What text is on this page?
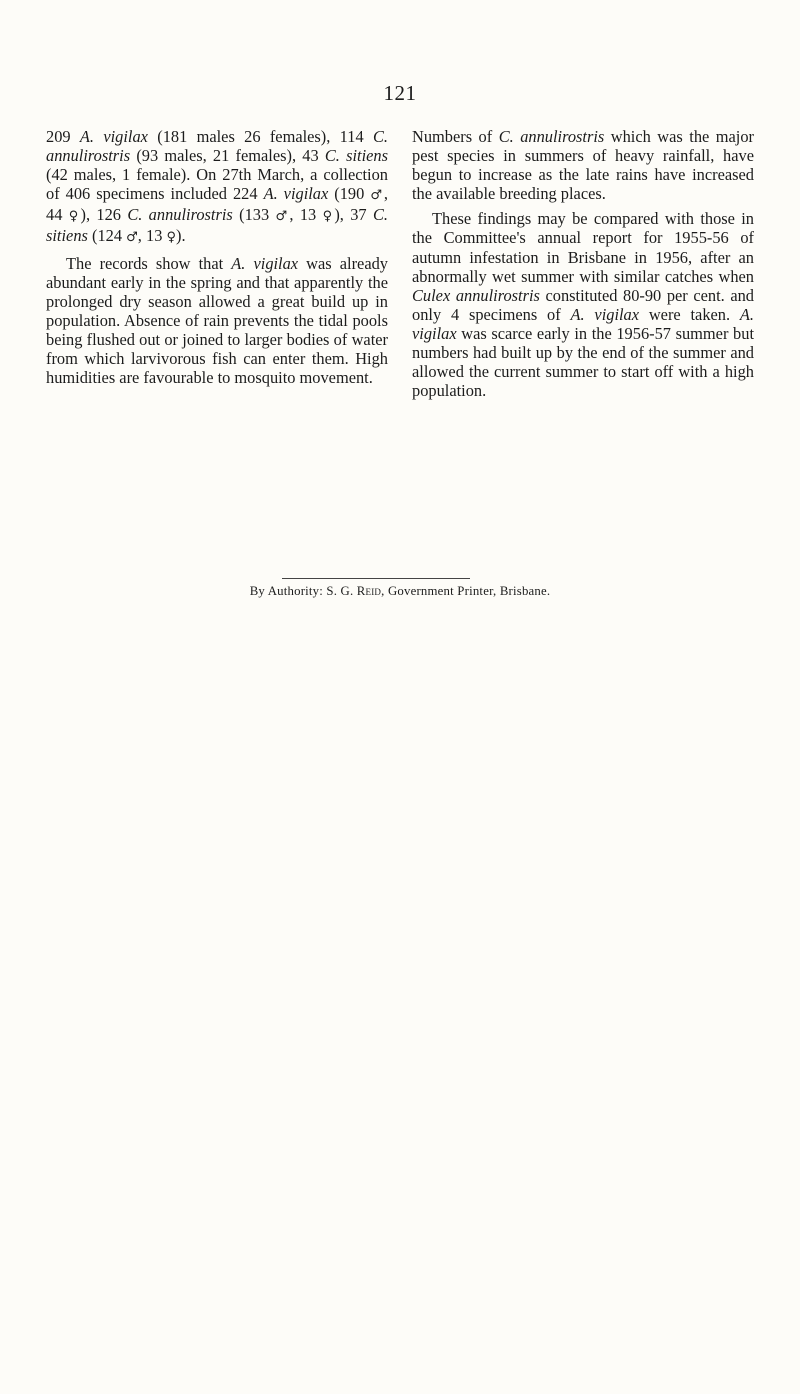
121

209 A. vigilax (181 males 26 females), 114 C. annulirostris (93 males, 21 females), 43 C. sitiens (42 males, 1 female). On 27th March, a collection of 406 specimens included 224 A. vigilax (190 ♂, 44 ♀), 126 C. annulirostris (133 ♂, 13 ♀), 37 C. sitiens (124 ♂, 13 ♀).

The records show that A. vigilax was already abundant early in the spring and that apparently the prolonged dry season allowed a great build up in population. Absence of rain prevents the tidal pools being flushed out or joined to larger bodies of water from which larvivorous fish can enter them. High humidities are favourable to mosquito movement.

Numbers of C. annulirostris which was the major pest species in summers of heavy rainfall, have begun to increase as the late rains have increased the available breeding places.

These findings may be compared with those in the Committee's annual report for 1955-56 of autumn infestation in Brisbane in 1956, after an abnormally wet summer with similar catches when Culex annulirostris constituted 80-90 per cent. and only 4 specimens of A. vigilax were taken. A. vigilax was scarce early in the 1956-57 summer but numbers had built up by the end of the summer and allowed the current summer to start off with a high population.

By Authority: S. G. Reid, Government Printer, Brisbane.
